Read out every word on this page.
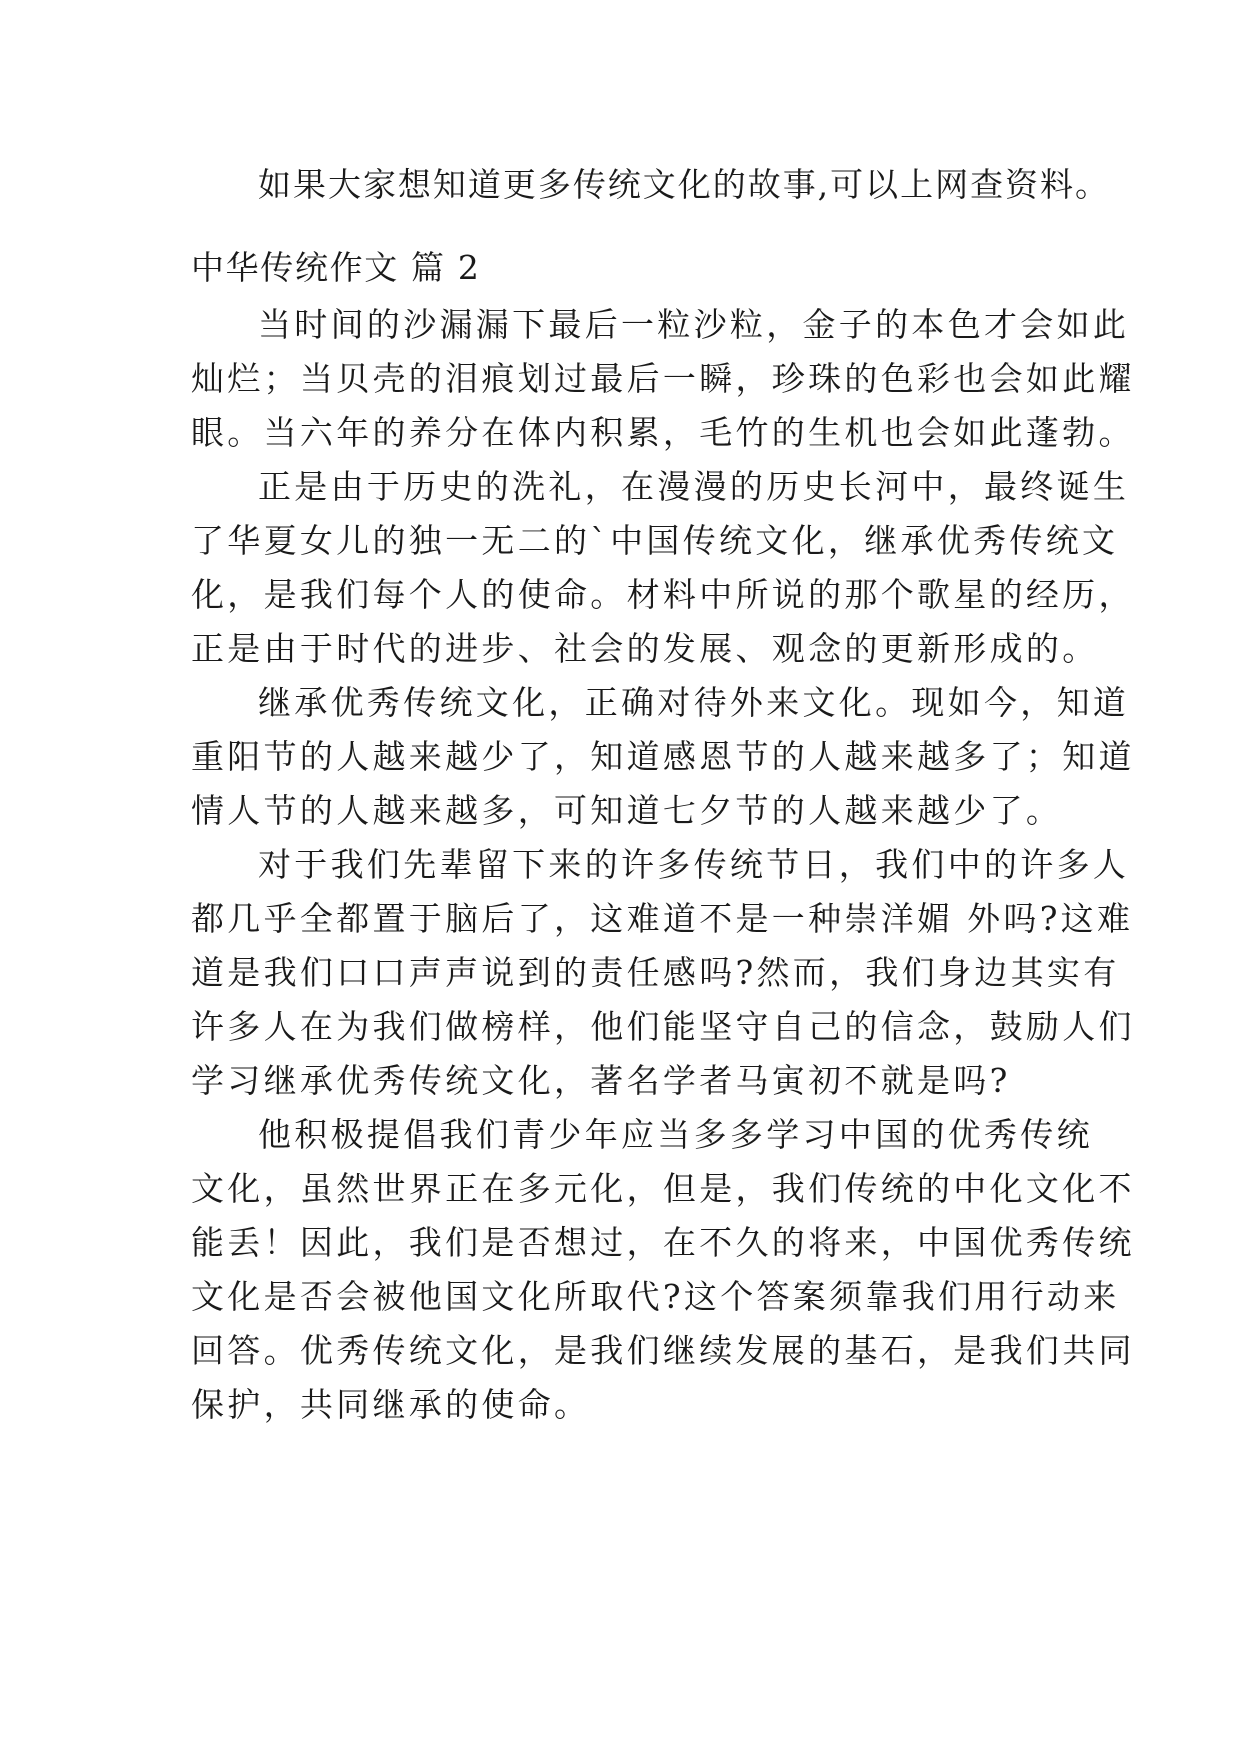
如果大家想知道更多传统文化的故事,可以上网查资料。

中华传统作文 篇 2

当时间的沙漏漏下最后一粒沙粒，金子的本色才会如此

灿烂；当贝壳的泪痕划过最后一瞬，珍珠的色彩也会如此耀

眼。当六年的养分在体内积累，毛竹的生机也会如此蓬勃。

正是由于历史的洗礼，在漫漫的历史长河中，最终诞生

了华夏女儿的独一无二的`中国传统文化，继承优秀传统文

化，是我们每个人的使命。材料中所说的那个歌星的经历，

正是由于时代的进步、社会的发展、观念的更新形成的。

继承优秀传统文化，正确对待外来文化。现如今，知道

重阳节的人越来越少了，知道感恩节的人越来越多了；知道

情人节的人越来越多，可知道七夕节的人越来越少了。

对于我们先辈留下来的许多传统节日，我们中的许多人

都几乎全都置于脑后了，这难道不是一种崇洋媚 外吗?这难

道是我们口口声声说到的责任感吗?然而，我们身边其实有

许多人在为我们做榜样，他们能坚守自己的信念，鼓励人们

学习继承优秀传统文化，著名学者马寅初不就是吗?

他积极提倡我们青少年应当多多学习中国的优秀传统

文化，虽然世界正在多元化，但是，我们传统的中化文化不

能丢！因此，我们是否想过，在不久的将来，中国优秀传统

文化是否会被他国文化所取代?这个答案须靠我们用行动来

回答。优秀传统文化，是我们继续发展的基石，是我们共同

保护，共同继承的使命。
